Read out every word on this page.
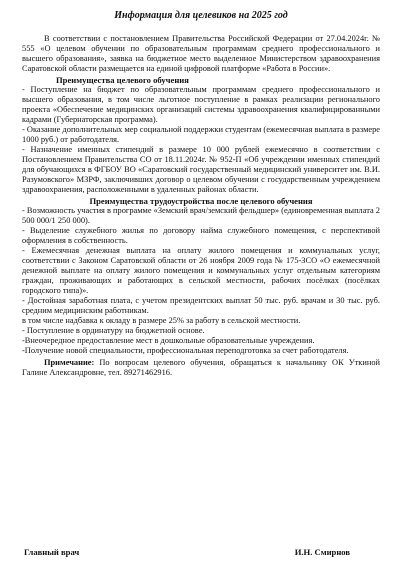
Информация для целевиков на 2025 год

В соответствии с постановлением Правительства Российской Федерации от 27.04.2024г. № 555 «О целевом обучении по образовательным программам среднего профессионального и высшего образования», заявка на бюджетное место выделенное Министерством здравоохранения Саратовской области размещается на единой цифровой платформе «Работа в России».

Преимущества целевого обучения

- Поступление на бюджет по образовательным программам среднего профессионального и высшего образования, в том числе льготное поступление в рамках реализации регионального проекта «Обеспечение медицинских организаций системы здравоохранения квалифицированными кадрами (Губернаторская программа).

- Оказание дополнительных мер социальной поддержки студентам (ежемесячная выплата в размере 1000 руб.) от работодателя.

- Назначение именных стипендий в размере 10 000 рублей ежемесячно в соответствии с Постановлением Правительства СО от 18.11.2024г. № 952-П «Об учреждении именных стипендий для обучающихся в ФГБОУ ВО «Саратовский государственный медицинский университет им. В.И. Разумовского» МЗРФ, заключивших договор о целевом обучении с государственным учреждением здравоохранения, расположенными в удаленных районах области.

Преимущества трудоустройства после целевого обучения

- Возможность участия в программе «Земский врач/земский фельдшер» (единовременная выплата 2 500 000/1 250 000).

- Выделение служебного жилья по договору найма служебного помещения, с перспективой оформления в собственность.

- Ежемесячная денежная выплата на оплату жилого помещения и коммунальных услуг, соответствии с Законом Саратовской области от 26 ноября 2009 года № 175-ЗСО «О ежемесячной денежной выплате на оплату жилого помещения и коммунальных услуг отдельным категориям граждан, проживающих и работающих в сельской местности, рабочих посёлках (посёлках городского типа)».

- Достойная заработная плата, с учетом президентских выплат 50 тыс. руб. врачам и 30 тыс. руб. средним медицинским работникам.

в том числе надбавка к окладу в размере 25% за работу в сельской местности.

- Поступление в ординатуру на бюджетной основе.

-Внеочередное предоставление мест в дошкольные образовательные учреждения.

-Получение новой специальности, профессиональная переподготовка за счет работодателя.

Примечание: По вопросам целевого обучения, обращаться к начальнику ОК Уткиной Галине Александровне, тел. 89271462916.

Главный врач	И.Н. Смирнов
